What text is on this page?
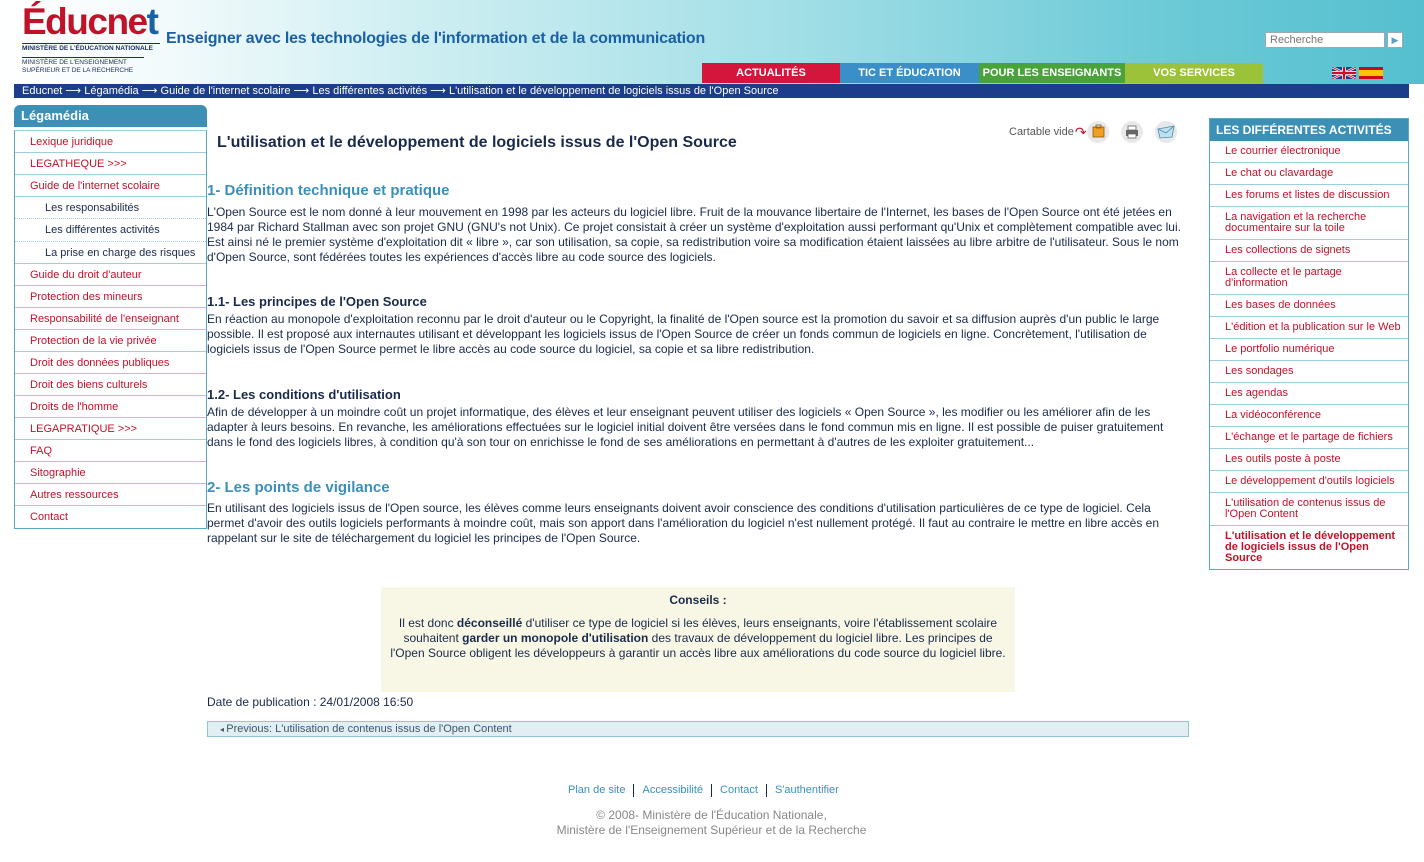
Éducnet
MINISTÈRE DE L'ÉDUCATION NATIONALE
MINISTÈRE DE L'ENSEIGNEMENT SUPÉRIEUR ET DE LA RECHERCHE
Enseigner avec les technologies de l'information et de la communication
Recherche	▶
ACTUALITÉS	TIC ET ÉDUCATION	POUR LES ENSEIGNANTS	VOS SERVICES
Educnet ⟶ Légamédia ⟶ Guide de l'internet scolaire ⟶ Les différentes activités ⟶ L'utilisation et le développement de logiciels issus de l'Open Source
Légamédia
Lexique juridique
LEGATHEQUE >>>
Guide de l'internet scolaire
Les responsabilités
Les différentes activités
La prise en charge des risques
Guide du droit d'auteur
Protection des mineurs
Responsabilité de l'enseignant
Protection de la vie privée
Droit des données publiques
Droit des biens culturels
Droits de l'homme
LEGAPRATIQUE >>>
FAQ
Sitographie
Autres ressources
Contact
Cartable vide ↷
L'utilisation et le développement de logiciels issus de l'Open Source
1- Définition technique et pratique
L'Open Source est le nom donné à leur mouvement en 1998 par les acteurs du logiciel libre. Fruit de la mouvance libertaire de l'Internet, les bases de l'Open Source ont été jetées en 1984 par Richard Stallman avec son projet GNU (GNU's not Unix). Ce projet consistait à créer un système d'exploitation aussi performant qu'Unix et complètement compatible avec lui. Est ainsi né le premier système d'exploitation dit « libre », car son utilisation, sa copie, sa redistribution voire sa modification étaient laissées au libre arbitre de l'utilisateur. Sous le nom d'Open Source, sont fédérées toutes les expériences d'accès libre au code source des logiciels.
1.1- Les principes de l'Open Source
En réaction au monopole d'exploitation reconnu par le droit d'auteur ou le Copyright, la finalité de l'Open source est la promotion du savoir et sa diffusion auprès d'un public le large possible. Il est proposé aux internautes utilisant et développant les logiciels issus de l'Open Source de créer un fonds commun de logiciels en ligne. Concrètement, l'utilisation de logiciels issus de l'Open Source permet le libre accès au code source du logiciel, sa copie et sa libre redistribution.
1.2- Les conditions d'utilisation
Afin de développer à un moindre coût un projet informatique, des élèves et leur enseignant peuvent utiliser des logiciels « Open Source », les modifier ou les améliorer afin de les adapter à leurs besoins. En revanche, les améliorations effectuées sur le logiciel initial doivent être versées dans le fond commun mis en ligne. Il est possible de puiser gratuitement dans le fond des logiciels libres, à condition qu'à son tour on enrichisse le fond de ses améliorations en permettant à d'autres de les exploiter gratuitement...
2- Les points de vigilance
En utilisant des logiciels issus de l'Open source, les élèves comme leurs enseignants doivent avoir conscience des conditions d'utilisation particulières de ce type de logiciel. Cela permet d'avoir des outils logiciels performants à moindre coût, mais son apport dans l'amélioration du logiciel n'est nullement protégé. Il faut au contraire le mettre en libre accès en rappelant sur le site de téléchargement du logiciel les principes de l'Open Source.
Conseils :
Il est donc déconseillé d'utiliser ce type de logiciel si les élèves, leurs enseignants, voire l'établissement scolaire souhaitent garder un monopole d'utilisation des travaux de développement du logiciel libre. Les principes de l'Open Source obligent les développeurs à garantir un accès libre aux améliorations du code source du logiciel libre.
Date de publication : 24/01/2008 16:50
◂ Previous: L'utilisation de contenus issus de l'Open Content
LES DIFFÉRENTES ACTIVITÉS
Le courrier électronique
Le chat ou clavardage
Les forums et listes de discussion
La navigation et la recherche documentaire sur la toile
Les collections de signets
La collecte et le partage d'information
Les bases de données
L'édition et la publication sur le Web
Le portfolio numérique
Les sondages
Les agendas
La vidéoconférence
L'échange et le partage de fichiers
Les outils poste à poste
Le développement d'outils logiciels
L'utilisation de contenus issus de l'Open Content
L'utilisation et le développement de logiciels issus de l'Open Source
Plan de site	Accessibilité	Contact	S'authentifier
© 2008- Ministère de l'Éducation Nationale,
Ministère de l'Enseignement Supérieur et de la Recherche
